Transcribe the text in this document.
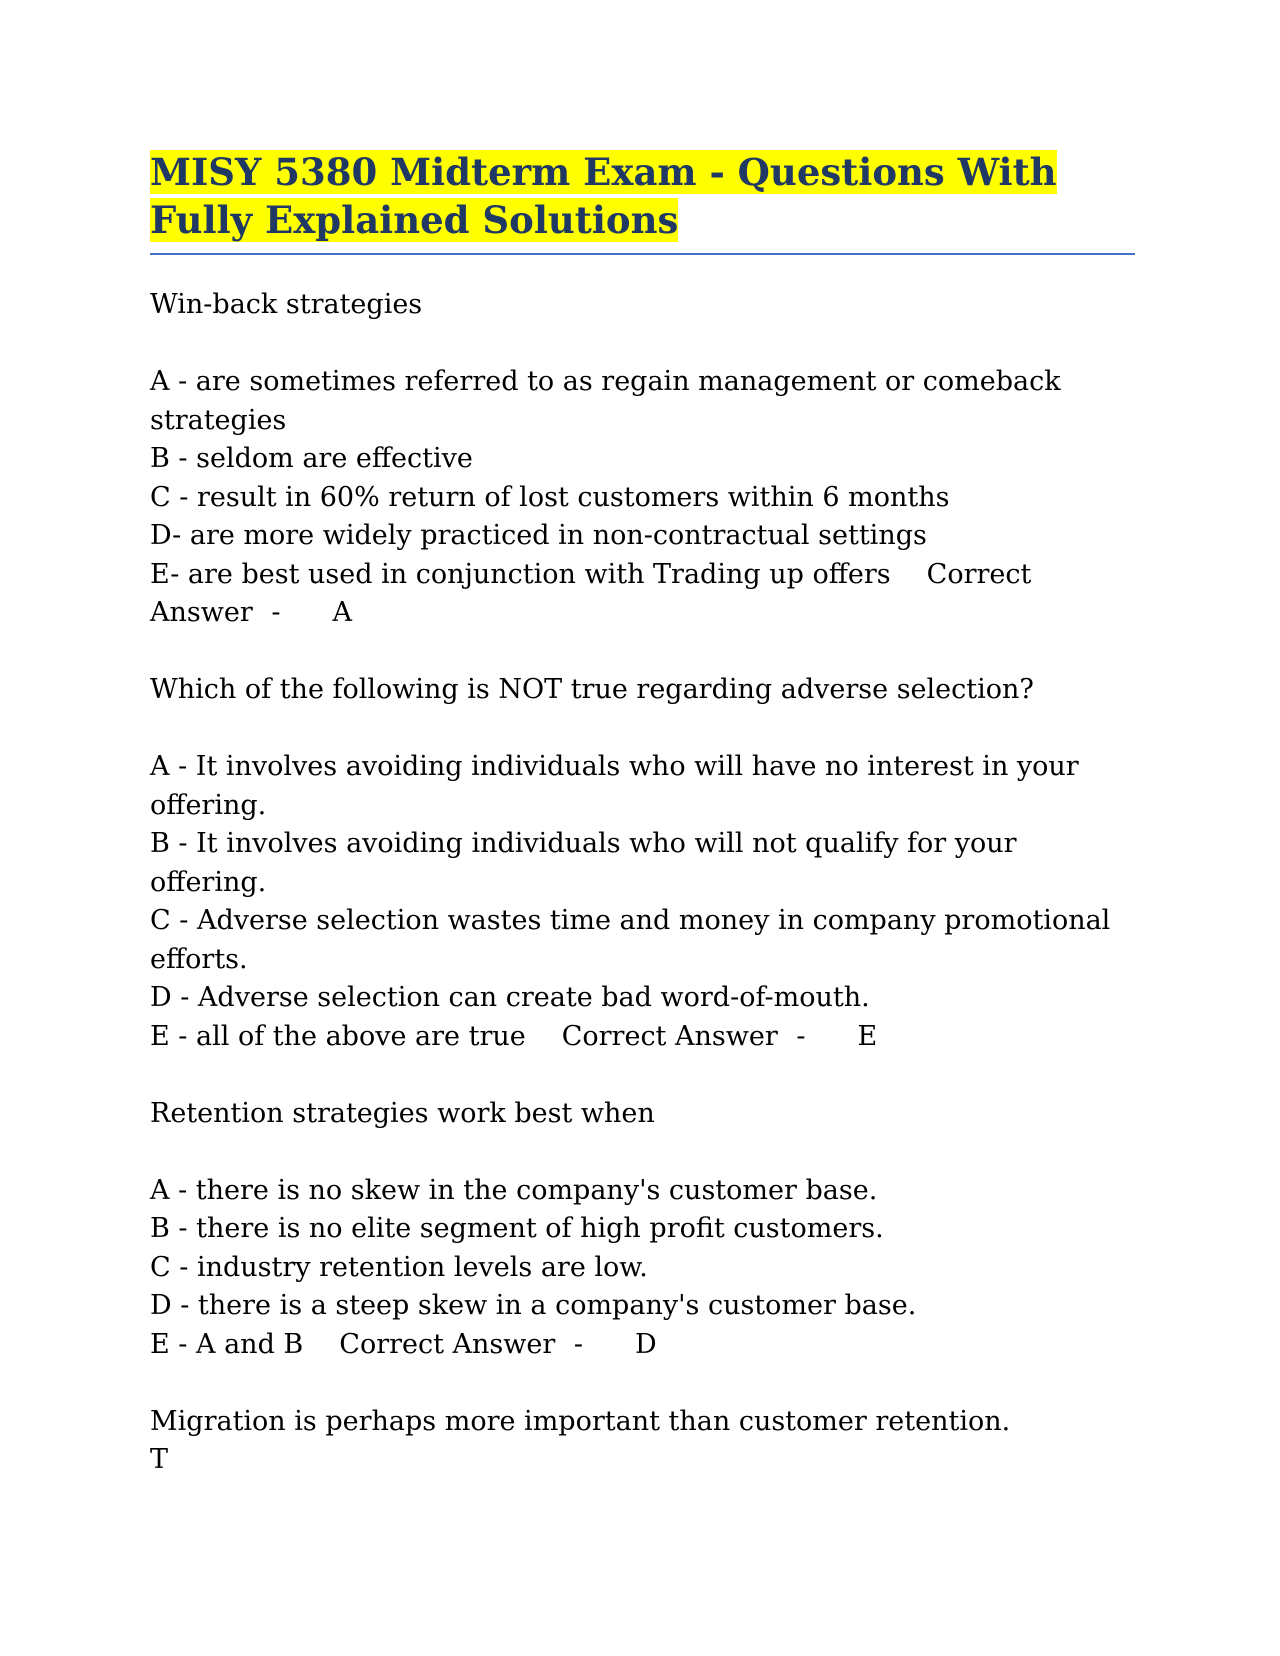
MISY 5380 Midterm Exam - Questions With Fully Explained Solutions

Win-back strategies

A - are sometimes referred to as regain management or comeback strategies

B - seldom are effective

C - result in 60% return of lost customers within 6 months

D- are more widely practiced in non-contractual settings

E- are best used in conjunction with Trading up offers Correct Answer - A

Which of the following is NOT true regarding adverse selection?

A - It involves avoiding individuals who will have no interest in your offering.

B - It involves avoiding individuals who will not qualify for your offering.

C - Adverse selection wastes time and money in company promotional efforts.

D - Adverse selection can create bad word-of-mouth.

E - all of the above are true Correct Answer - E

Retention strategies work best when

A - there is no skew in the company's customer base.

B - there is no elite segment of high profit customers.

C - industry retention levels are low.

D - there is a steep skew in a company's customer base.

E - A and B Correct Answer - D

Migration is perhaps more important than customer retention.

T
